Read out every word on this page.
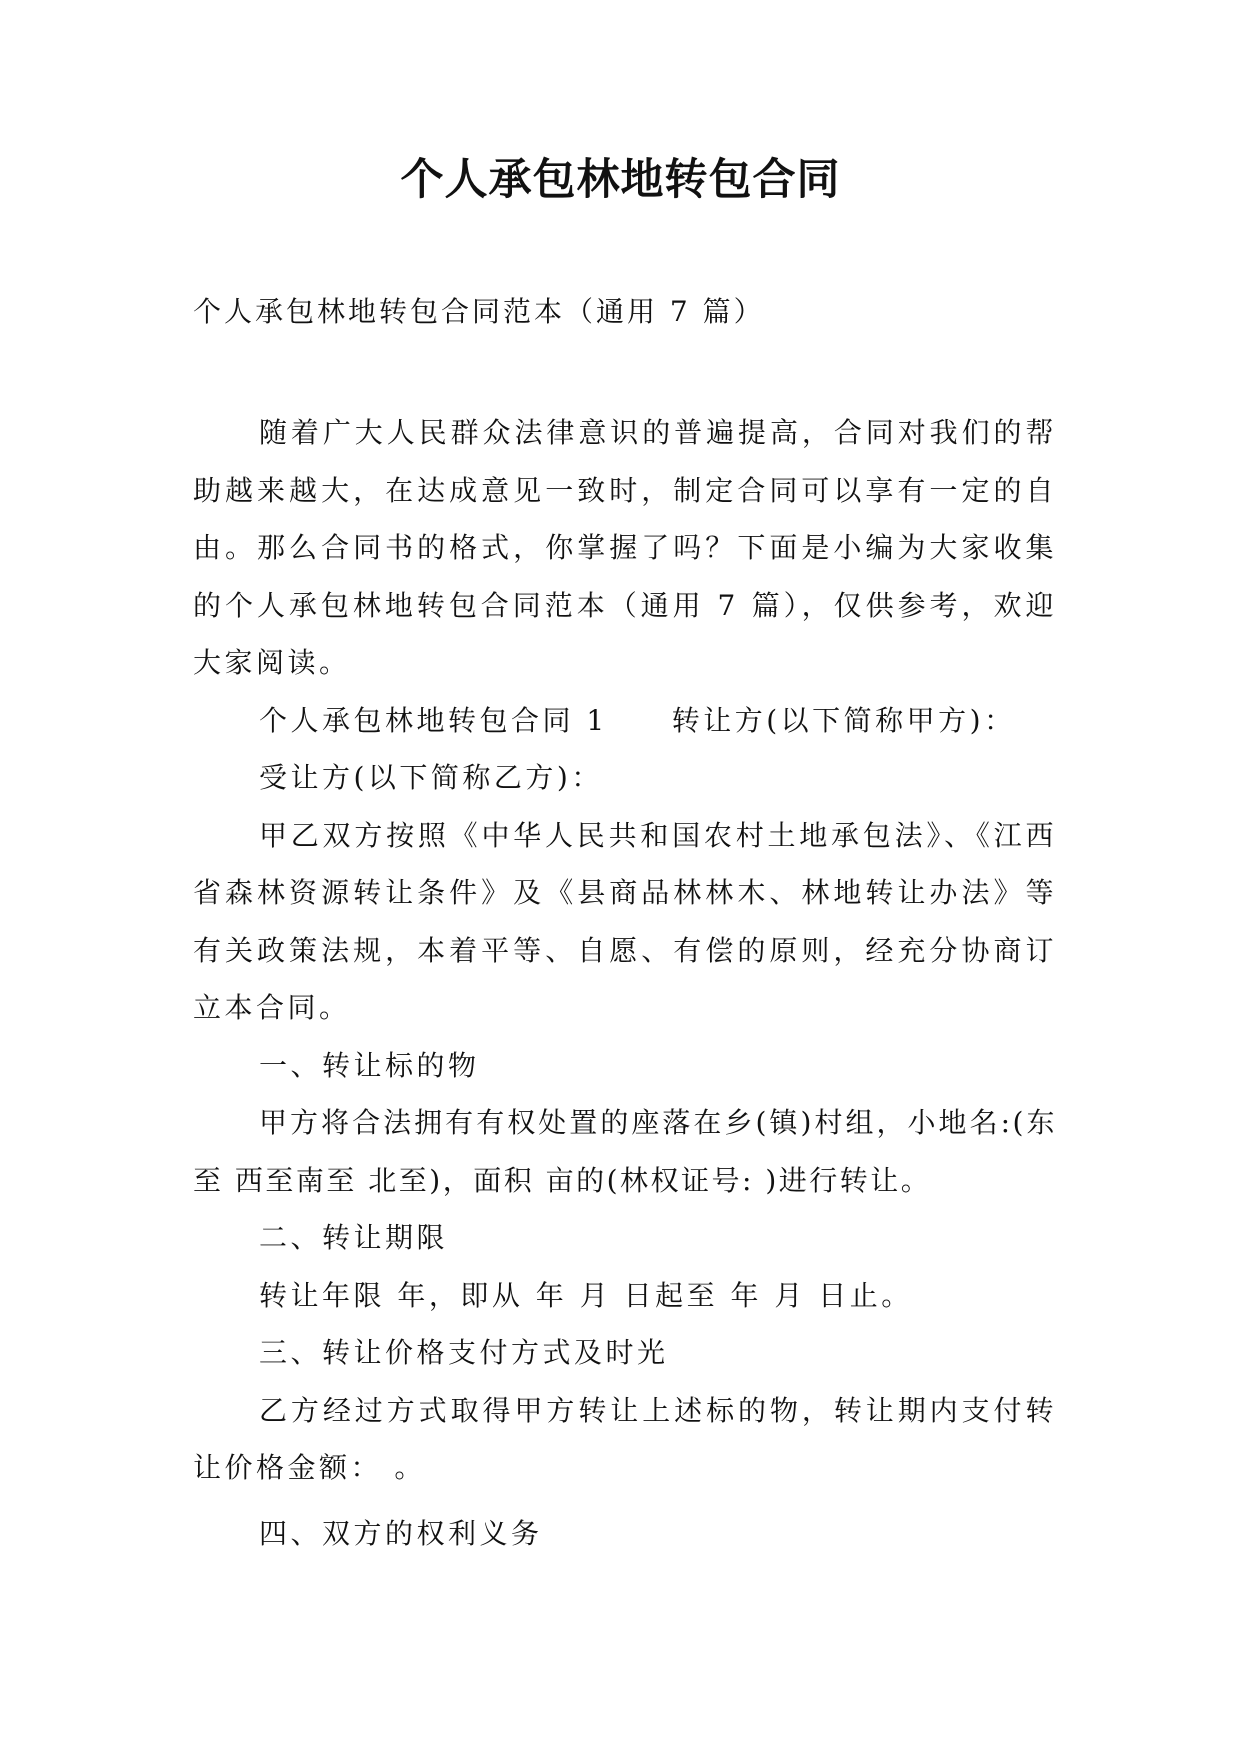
个人承包林地转包合同
个人承包林地转包合同范本（通用 7 篇）

随着广大人民群众法律意识的普遍提高，合同对我们的帮助越来越大，在达成意见一致时，制定合同可以享有一定的自由。那么合同书的格式，你掌握了吗？下面是小编为大家收集的个人承包林地转包合同范本（通用 7 篇），仅供参考，欢迎大家阅读。

个人承包林地转包合同 1 转让方(以下简称甲方)：

受让方(以下简称乙方)：

甲乙双方按照《中华人民共和国农村土地承包法》、《江西省森林资源转让条件》及《县商品林林木、林地转让办法》等有关政策法规，本着平等、自愿、有偿的原则，经充分协商订立本合同。

一、转让标的物

甲方将合法拥有有权处置的座落在乡(镇)村组，小地名:(东至 西至南至 北至)，面积 亩的(林权证号: )进行转让。

二、转让期限

转让年限 年，即从 年 月 日起至 年 月 日止。

三、转让价格支付方式及时光

乙方经过方式取得甲方转让上述标的物，转让期内支付转让价格金额： 。

四、双方的权利义务
